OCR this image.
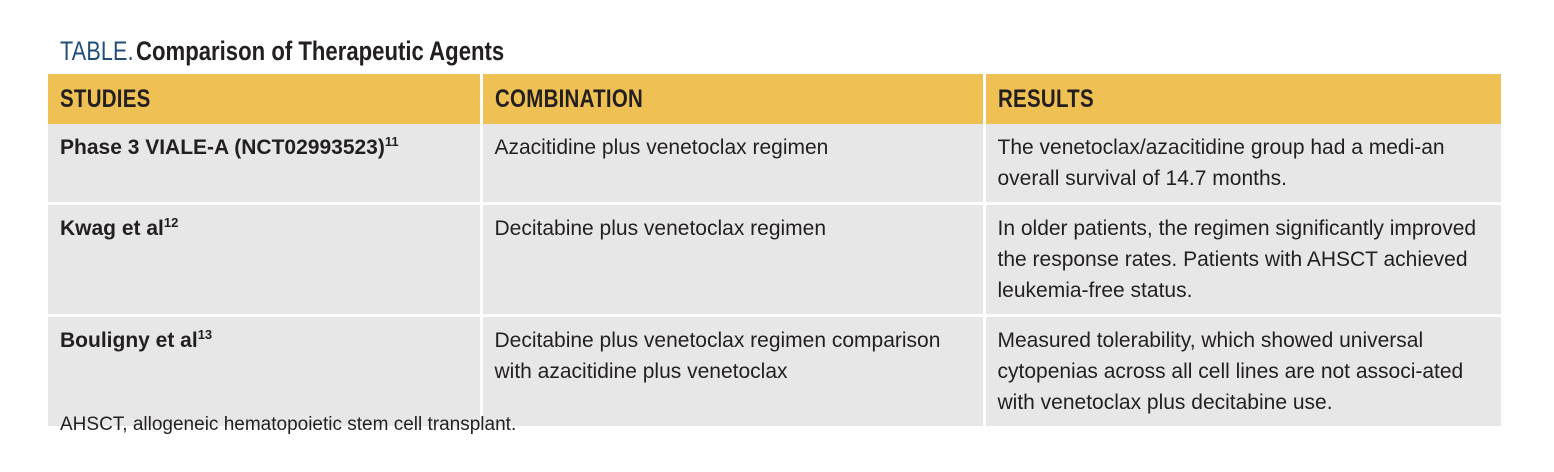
TABLE.Comparison of Therapeutic Agents
STUDIES	COMBINATION	RESULTS
Phase 3 VIALE-A $(NCT02993523)^{11}$	Azacitidine plus venetoclax regimen	The venetoclax/azacitidine group had a medi-an overall survival of 14.7 months.
Kwag et $al^{12}$	Decitabine plus venetoclax regimen	In older patients, the regimen significantly improved the response rates. Patients with AHSCT achieved leukemia-free status.
Bouligny et $al^{13}$	Decitabine plus venetoclax regimen comparison with azacitidine plus venetoclax	Measured tolerability, which showed universal cytopenias across all cell lines are not associ-ated with venetoclax plus decitabine use.
AHSCT, allogeneic hematopoietic stem cell transplant.
